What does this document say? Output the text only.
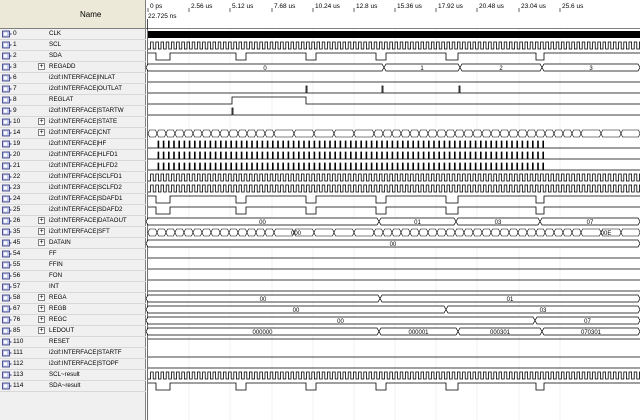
Name
0	CLK
1	SCL
2	SDA
3	+ REGADD
6	i2cif:INTERFACE|INLAT
7	i2cif:INTERFACE|OUTLAT
8	REGLAT
9	i2cif:INTERFACE|STARTW
10	+ i2cif:INTERFACE|STATE
14	+ i2cif:INTERFACE|CNT
19	i2cif:INTERFACE|HF
20	i2cif:INTERFACE|HLFD1
21	i2cif:INTERFACE|HLFD2
22	i2cif:INTERFACE|SCLFD1
23	i2cif:INTERFACE|SCLFD2
24	i2cif:INTERFACE|SDAFD1
25	i2cif:INTERFACE|SDAFD2
26	+ i2cif:INTERFACE|DATAOUT
35	+ i2cif:INTERFACE|SFT
45	+ DATAIN
54	FF
55	FFIN
56	FON
57	INT
58	+ REGA
67	+ REGB
76	+ REGC
85	+ LEDOUT
110	RESET
111	i2cif:INTERFACE|STARTF
112	i2cif:INTERFACE|STOPF
113	SCL~result
114	SDA~result
0 ps	2.56 us	5.12 us	7.68 us	10.24 us 12.8 us	15.36 us 17.92 us 20.48 us	23.04 us 25.6 us
22.725 ns
0	1	2	3
00	01	03	07
000	00E
00
00	01
00	03
00	07
000000	000001	000301	070301
